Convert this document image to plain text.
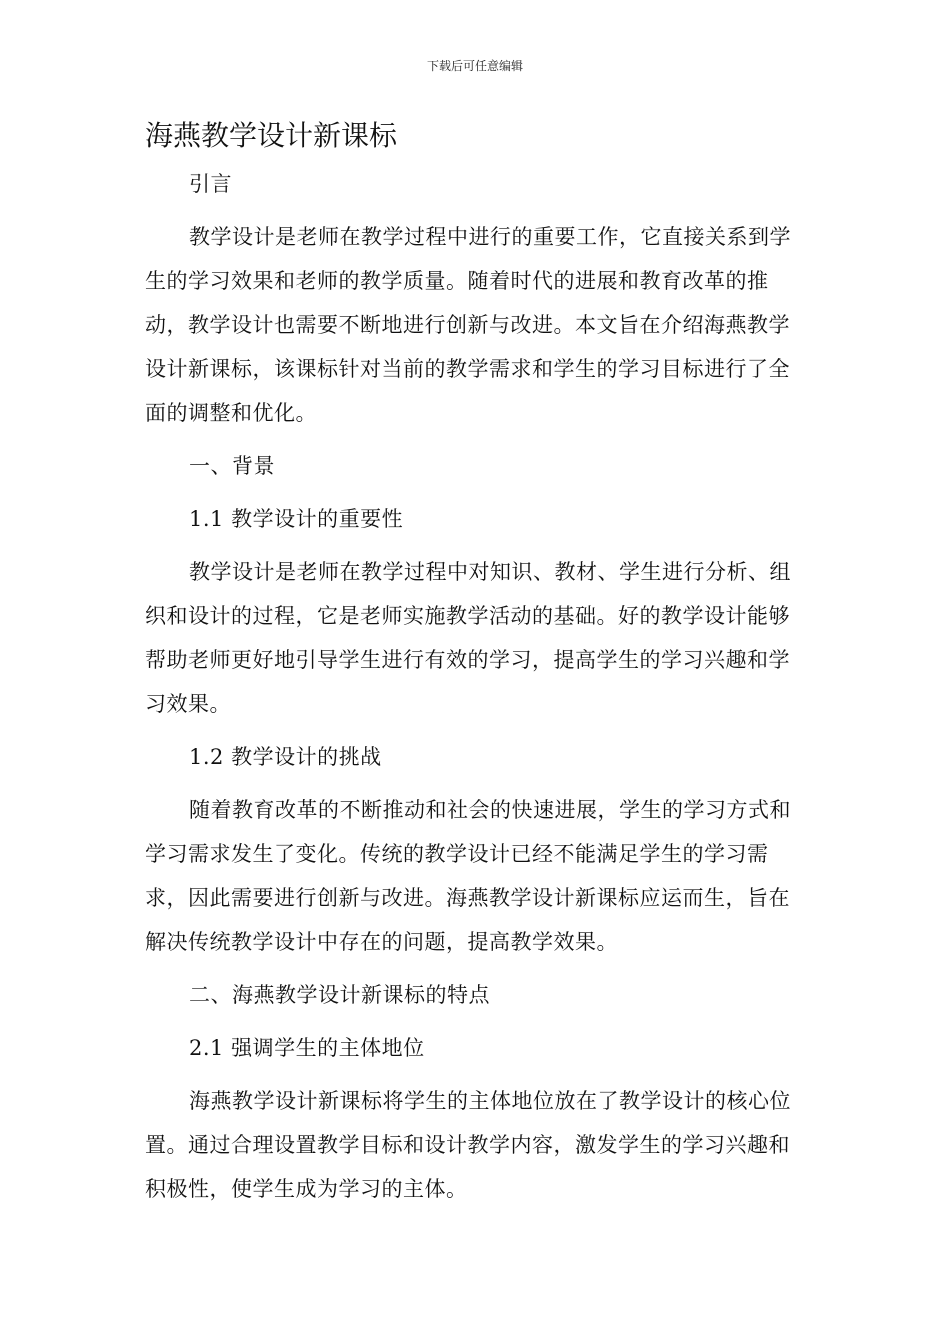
下载后可任意编辑
海燕教学设计新课标

引言

教学设计是老师在教学过程中进行的重要工作，它直接关系到学生的学习效果和老师的教学质量。随着时代的进展和教育改革的推动，教学设计也需要不断地进行创新与改进。本文旨在介绍海燕教学设计新课标，该课标针对当前的教学需求和学生的学习目标进行了全面的调整和优化。

一、背景

1.1 教学设计的重要性

教学设计是老师在教学过程中对知识、教材、学生进行分析、组织和设计的过程，它是老师实施教学活动的基础。好的教学设计能够帮助老师更好地引导学生进行有效的学习，提高学生的学习兴趣和学习效果。

1.2 教学设计的挑战

随着教育改革的不断推动和社会的快速进展，学生的学习方式和学习需求发生了变化。传统的教学设计已经不能满足学生的学习需求，因此需要进行创新与改进。海燕教学设计新课标应运而生，旨在解决传统教学设计中存在的问题，提高教学效果。

二、海燕教学设计新课标的特点

2.1 强调学生的主体地位

海燕教学设计新课标将学生的主体地位放在了教学设计的核心位置。通过合理设置教学目标和设计教学内容，激发学生的学习兴趣和积极性，使学生成为学习的主体。
